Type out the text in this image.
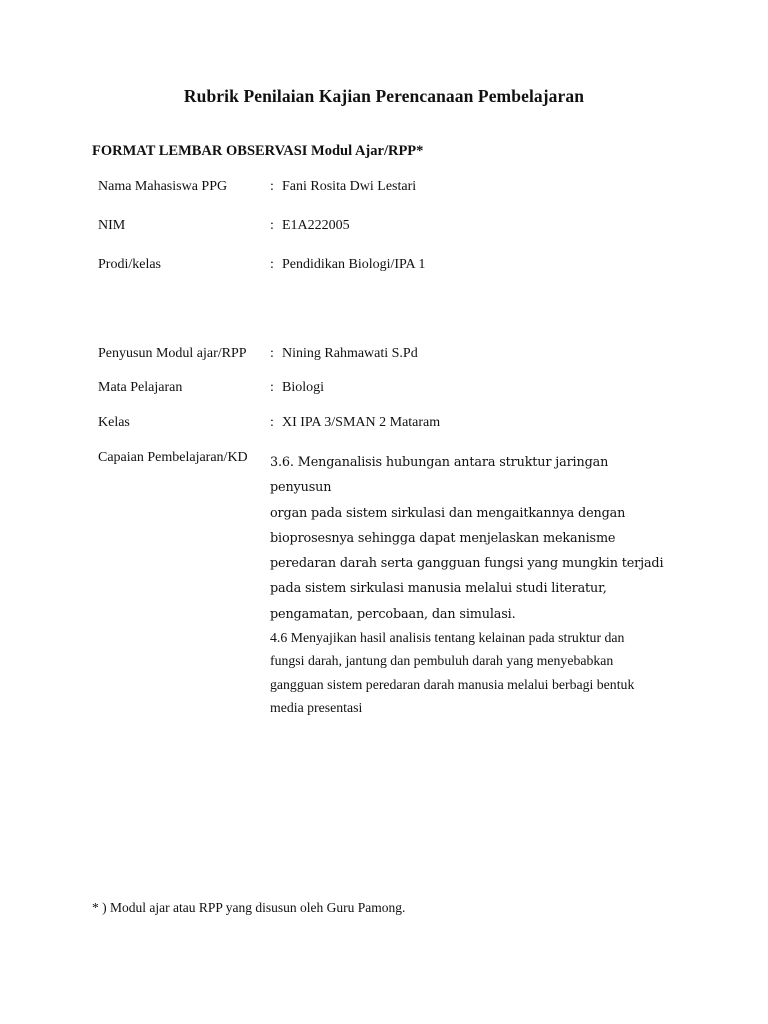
Rubrik Penilaian Kajian Perencanaan Pembelajaran
FORMAT LEMBAR OBSERVASI Modul Ajar/RPP*
Nama Mahasiswa PPG	: Fani Rosita Dwi Lestari
NIM	: E1A222005
Prodi/kelas	: Pendidikan Biologi/IPA 1
Penyusun Modul ajar/RPP : Nining Rahmawati S.Pd
Mata Pelajaran	: Biologi
Kelas	: XI IPA 3/SMAN 2 Mataram
Capaian Pembelajaran/KD 3.6. Menganalisis hubungan antara struktur jaringan penyusun
organ pada sistem sirkulasi dan mengaitkannya dengan
bioprosesnya sehingga dapat menjelaskan mekanisme
peredaran darah serta gangguan fungsi yang mungkin terjadi
pada sistem sirkulasi manusia melalui studi literatur,
pengamatan, percobaan, dan simulasi.
4.6 Menyajikan hasil analisis tentang kelainan pada struktur dan
fungsi darah, jantung dan pembuluh darah yang menyebabkan
gangguan sistem peredaran darah manusia melalui berbagi bentuk
media presentasi
* ) Modul ajar atau RPP yang disusun oleh Guru Pamong.
